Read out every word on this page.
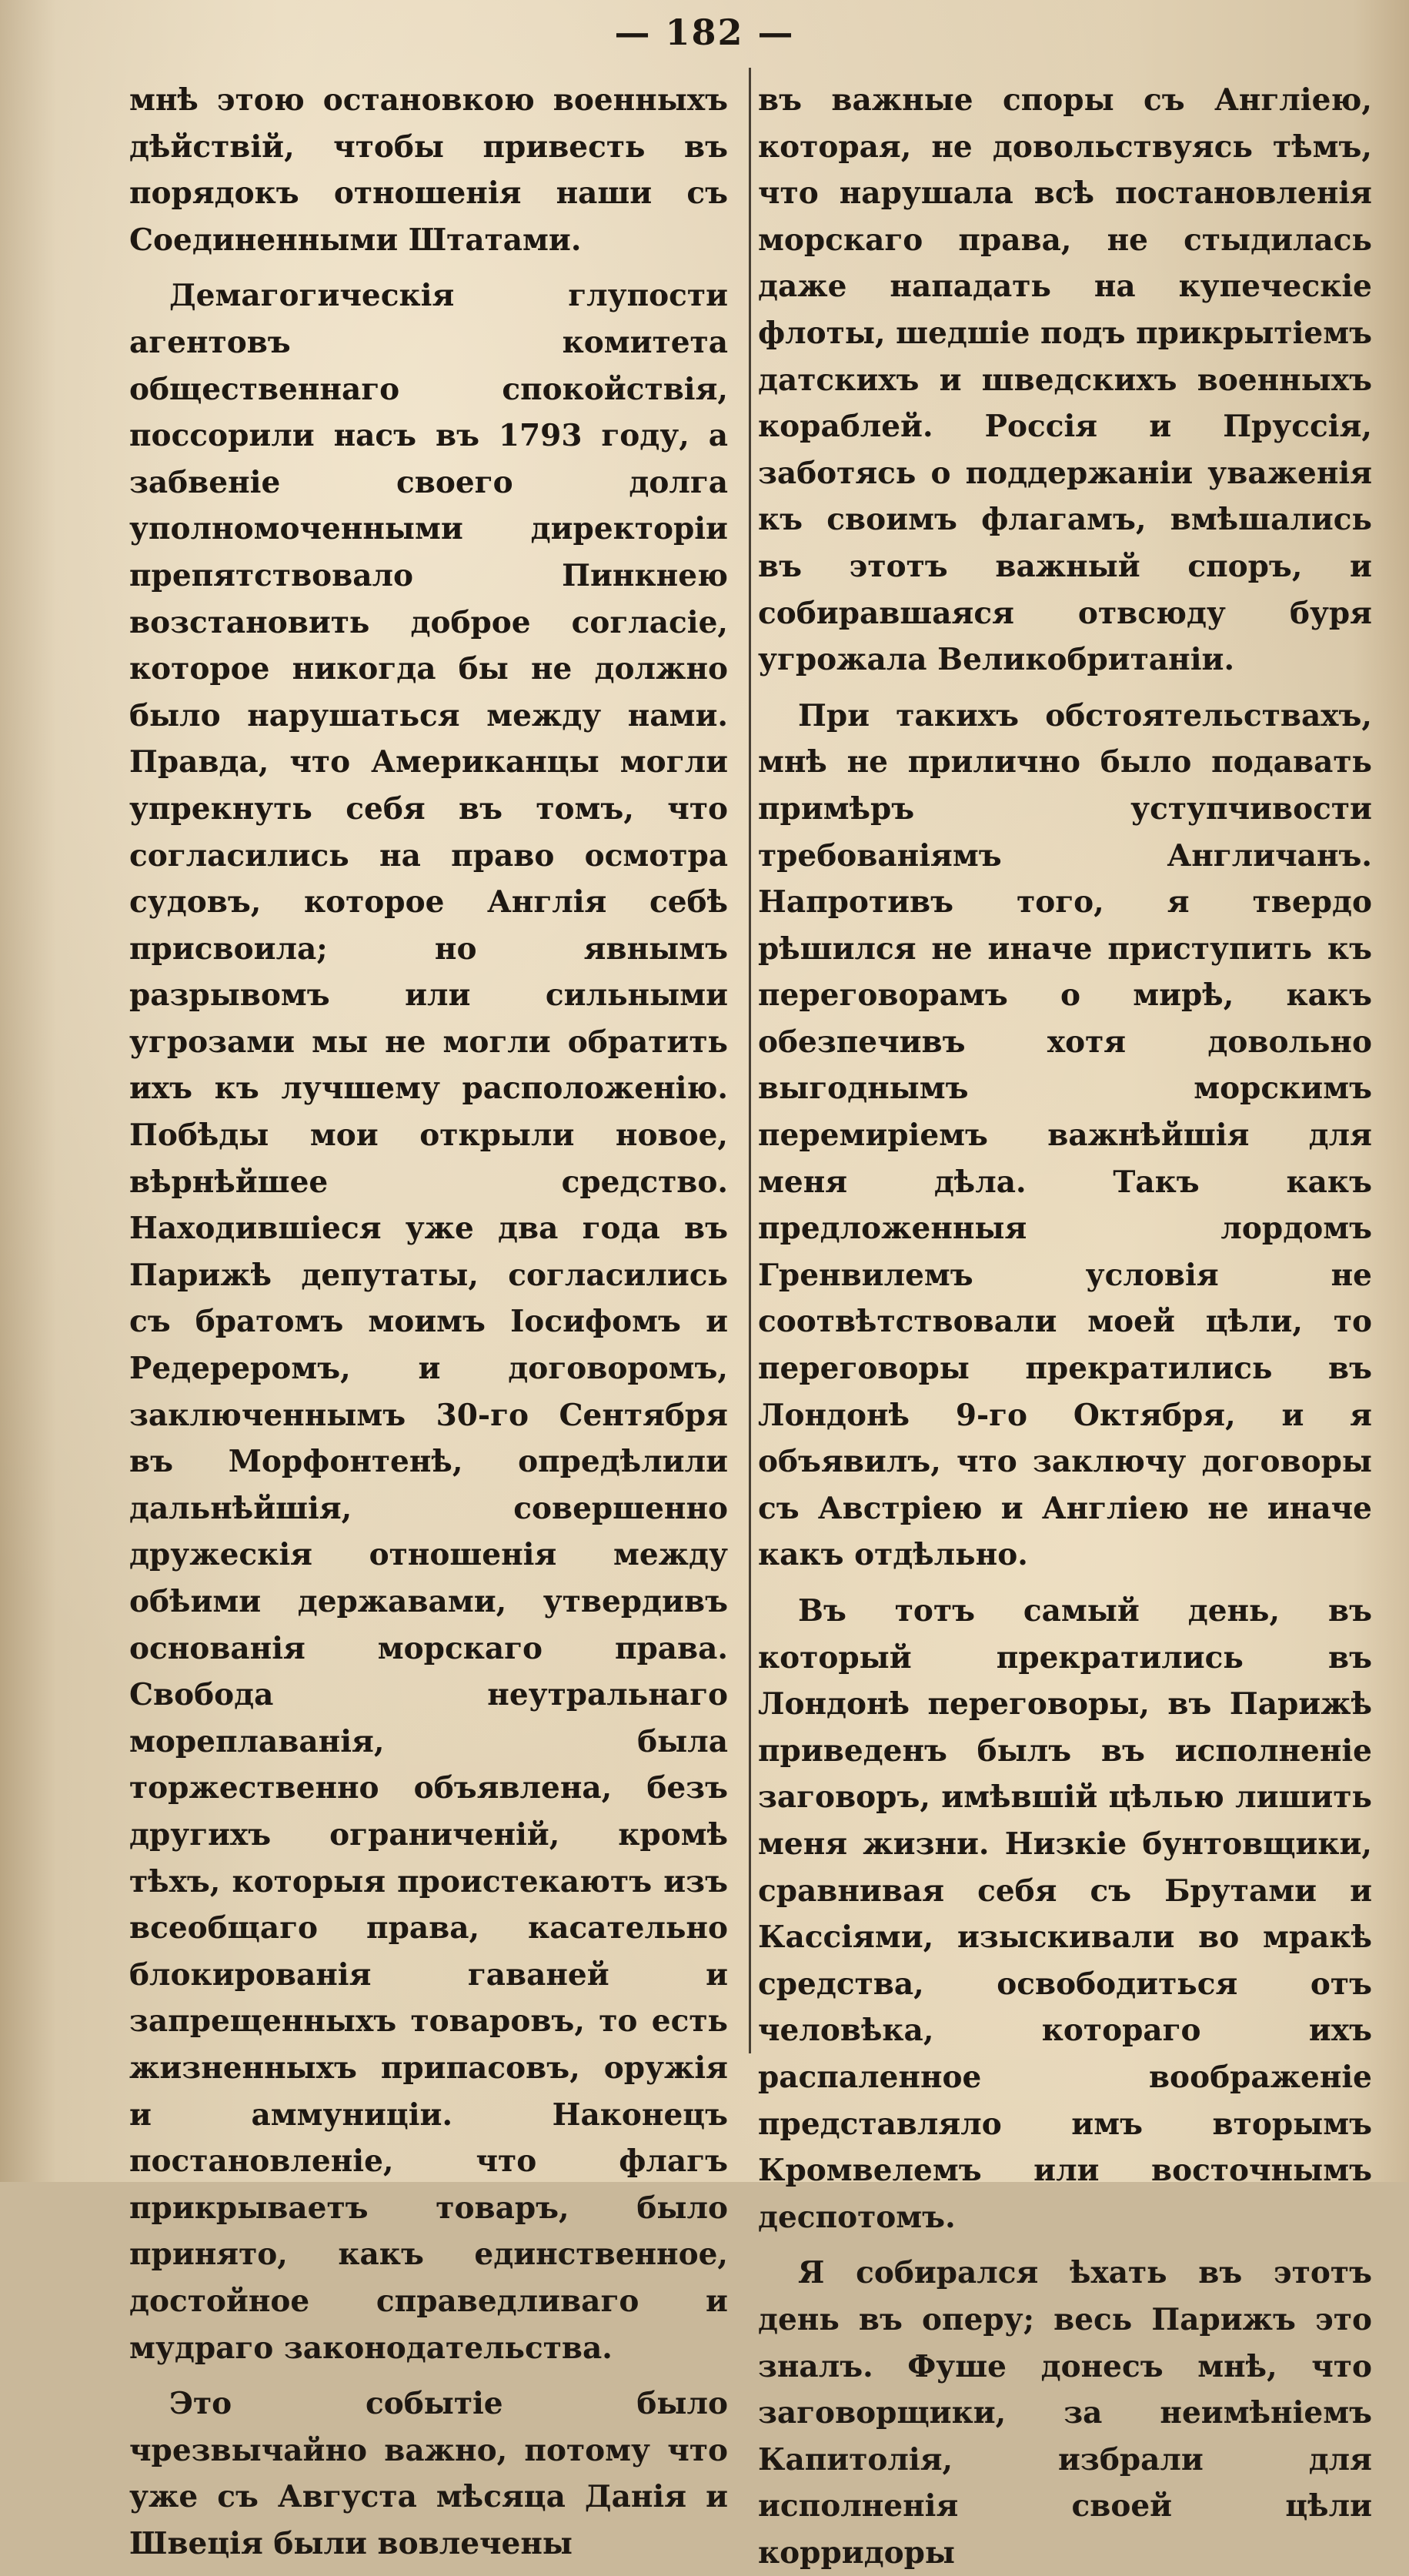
— 182 —

мнѣ этою остановкою военныхъ дѣйствій, чтобы привесть въ порядокъ отношенія наши съ Соединенными Штатами.

Демагогическія глупости агентовъ комитета общественнаго спокойствія, поссорили насъ въ 1793 году, а забвеніе своего долга уполномоченными директоріи препятствовало Пинкнею возстановить доброе согласіе, которое никогда бы не должно было нарушаться между нами. Правда, что Американцы могли упрекнуть себя въ томъ, что согласились на право осмотра судовъ, которое Англія себѣ присвоила; но явнымъ разрывомъ или сильными угрозами мы не могли обратить ихъ къ лучшему расположенію. Побѣды мои открыли новое, вѣрнѣйшее средство. Находившіеся уже два года въ Парижѣ депутаты, согласились съ братомъ моимъ Іосифомъ и Редереромъ, и договоромъ, заключеннымъ 30-го Сентября въ Морфонтенѣ, опредѣлили дальнѣйшія, совершенно дружескія отношенія между обѣими державами, утвердивъ основанія морскаго права. Свобода неутральнаго мореплаванія, была торжественно объявлена, безъ другихъ ограниченій, кромѣ тѣхъ, которыя проистекаютъ изъ всеобщаго права, касательно блокированія гаваней и запрещенныхъ товаровъ, то есть жизненныхъ припасовъ, оружія и аммуниціи. Наконецъ постановленіе, что флагъ прикрываетъ товаръ, было принято, какъ единственное, достойное справедливаго и мудраго законодательства.

Это событіе было чрезвычайно важно, потому что уже съ Августа мѣсяца Данія и Швеція были вовлечены

въ важные споры съ Англіею, которая, не довольствуясь тѣмъ, что нарушала всѣ постановленія морскаго права, не стыдилась даже нападать на купеческіе флоты, шедшіе подъ прикрытіемъ датскихъ и шведскихъ военныхъ кораблей. Россія и Пруссія, заботясь о поддержаніи уваженія къ своимъ флагамъ, вмѣшались въ этотъ важный споръ, и собиравшаяся отвсюду буря угрожала Великобританіи.

При такихъ обстоятельствахъ, мнѣ не прилично было подавать примѣръ уступчивости требованіямъ Англичанъ. Напротивъ того, я твердо рѣшился не иначе приступить къ переговорамъ о мирѣ, какъ обезпечивъ хотя довольно выгоднымъ морскимъ перемиріемъ важнѣйшія для меня дѣла. Такъ какъ предложенныя лордомъ Гренвилемъ условія не соотвѣтствовали моей цѣли, то переговоры прекратились въ Лондонѣ 9-го Октября, и я объявилъ, что заключу договоры съ Австріею и Англіею не иначе какъ отдѣльно.

Въ тотъ самый день, въ который прекратились въ Лондонѣ переговоры, въ Парижѣ приведенъ былъ въ исполненіе заговоръ, имѣвшій цѣлью лишить меня жизни. Низкіе бунтовщики, сравнивая себя съ Брутами и Кассіями, изыскивали во мракѣ средства, освободиться отъ человѣка, котораго ихъ распаленное воображеніе представляло имъ вторымъ Кромвелемъ или восточнымъ деспотомъ.

Я собирался ѣхать въ этотъ день въ оперу; весь Парижъ это зналъ. Фуше донесъ мнѣ, что заговорщики, за неимѣніемъ Капитолія, избрали для исполненія своей цѣли корридоры
